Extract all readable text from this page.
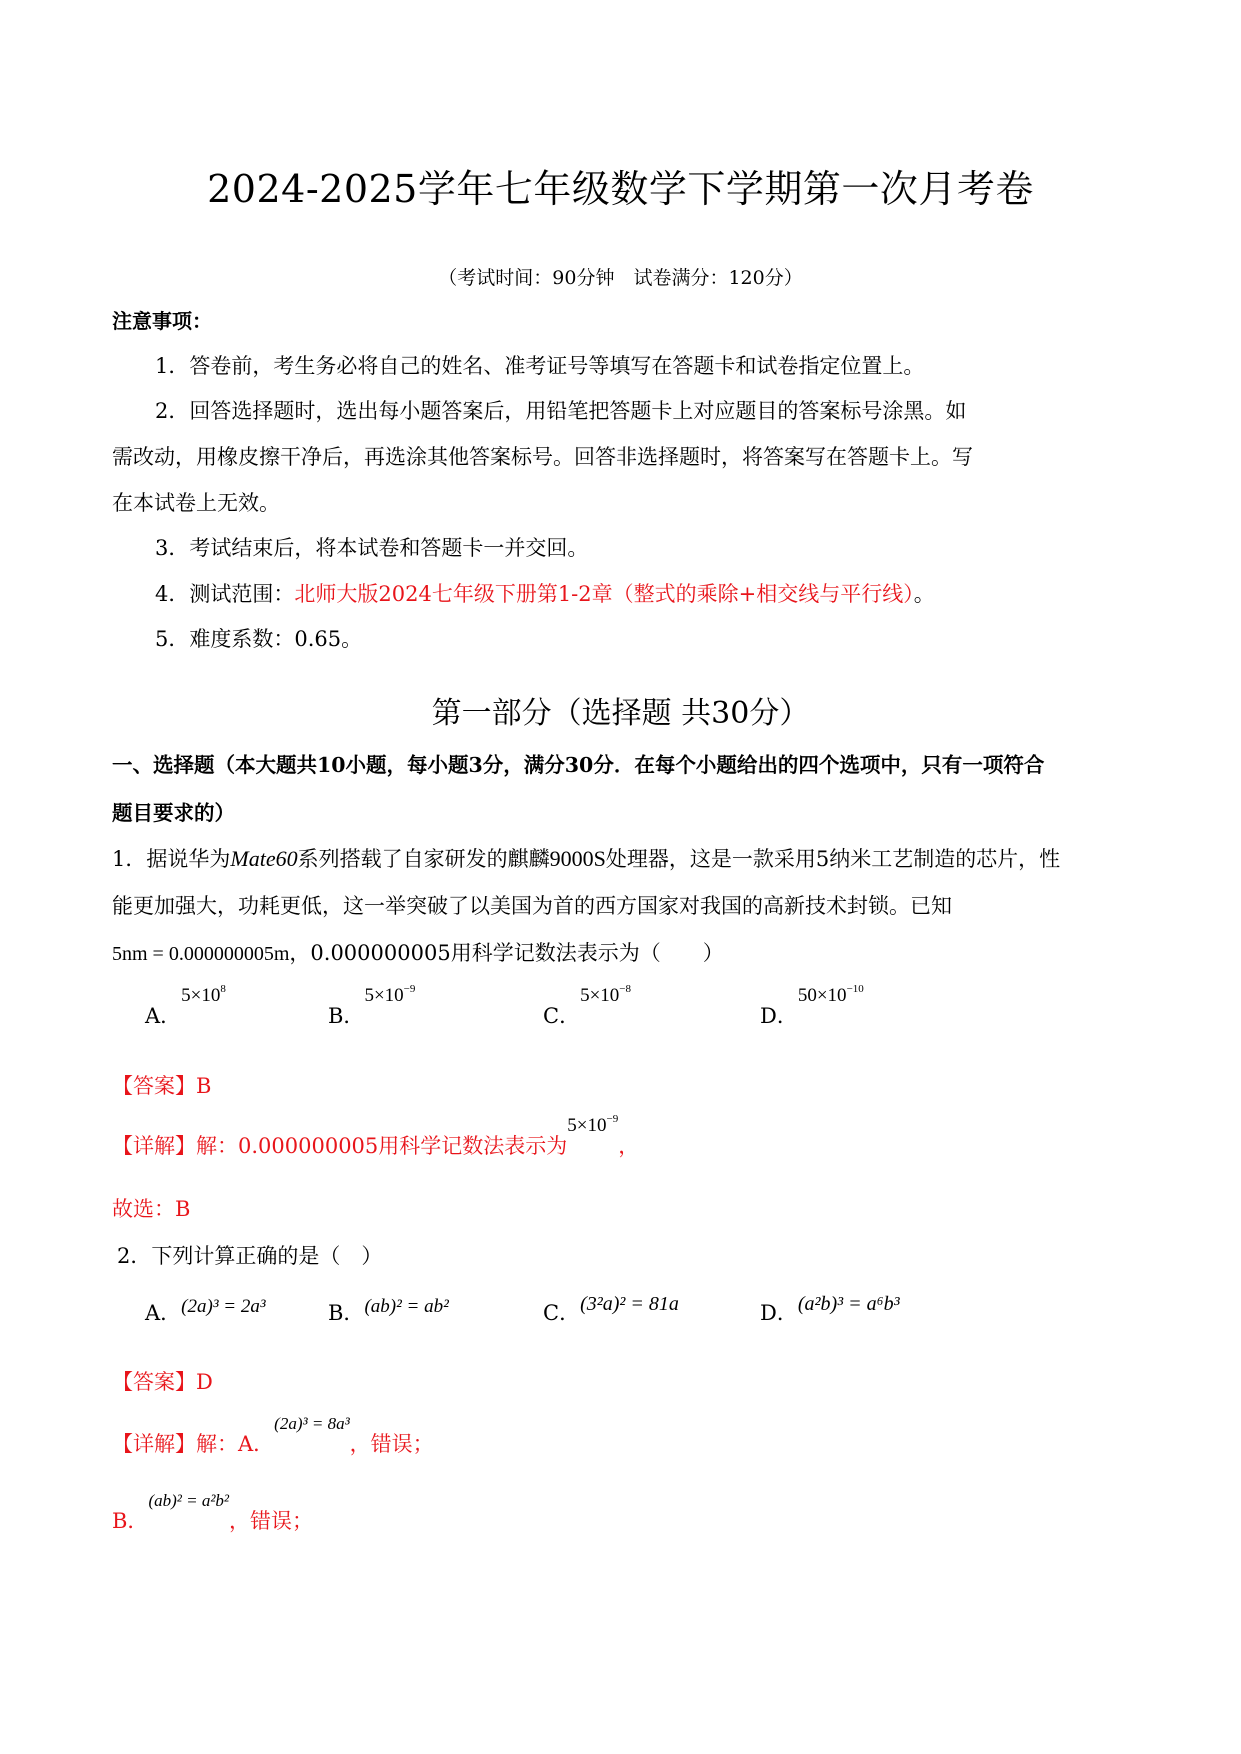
2024-2025学年七年级数学下学期第一次月考卷
（考试时间：90分钟　试卷满分：120分）
注意事项：
1．答卷前，考生务必将自己的姓名、准考证号等填写在答题卡和试卷指定位置上。
2．回答选择题时，选出每小题答案后，用铅笔把答题卡上对应题目的答案标号涂黑。如
需改动，用橡皮擦干净后，再选涂其他答案标号。回答非选择题时，将答案写在答题卡上。写
在本试卷上无效。
3．考试结束后，将本试卷和答题卡一并交回。
4．测试范围：北师大版2024七年级下册第1-2章（整式的乘除+相交线与平行线）。
5．难度系数：0.65。
第一部分（选择题 共30分）
一、选择题（本大题共10小题，每小题3分，满分30分．在每个小题给出的四个选项中，只有一项符合
题目要求的）
1．据说华为Mate60系列搭载了自家研发的麒麟9000S处理器，这是一款采用5纳米工艺制造的芯片，性
能更加强大，功耗更低，这一举突破了以美国为首的西方国家对我国的高新技术封锁。已知
5nm = 0.000000005m，0.000000005用科学记数法表示为（　　）
A．$5\times 10^8$
B．$5\times 10^{-9}$
C．$5\times 10^{-8}$
D．$50\times 10^{-10}$
【答案】B
【详解】解：0.000000005用科学记数法表示为$5\times 10^{-9}$，
故选：B
2．下列计算正确的是（　）
A．(2a)³ = 2a³	B．(ab)² = ab²	C．(3²a)² = 81a	D．(a²b)³ = a⁶b³
【答案】D
【详解】解：A．$^{(2a)^3 = 8a^3}$，错误；
B．$^{(ab)^2 = a^2b^2}$，错误；
